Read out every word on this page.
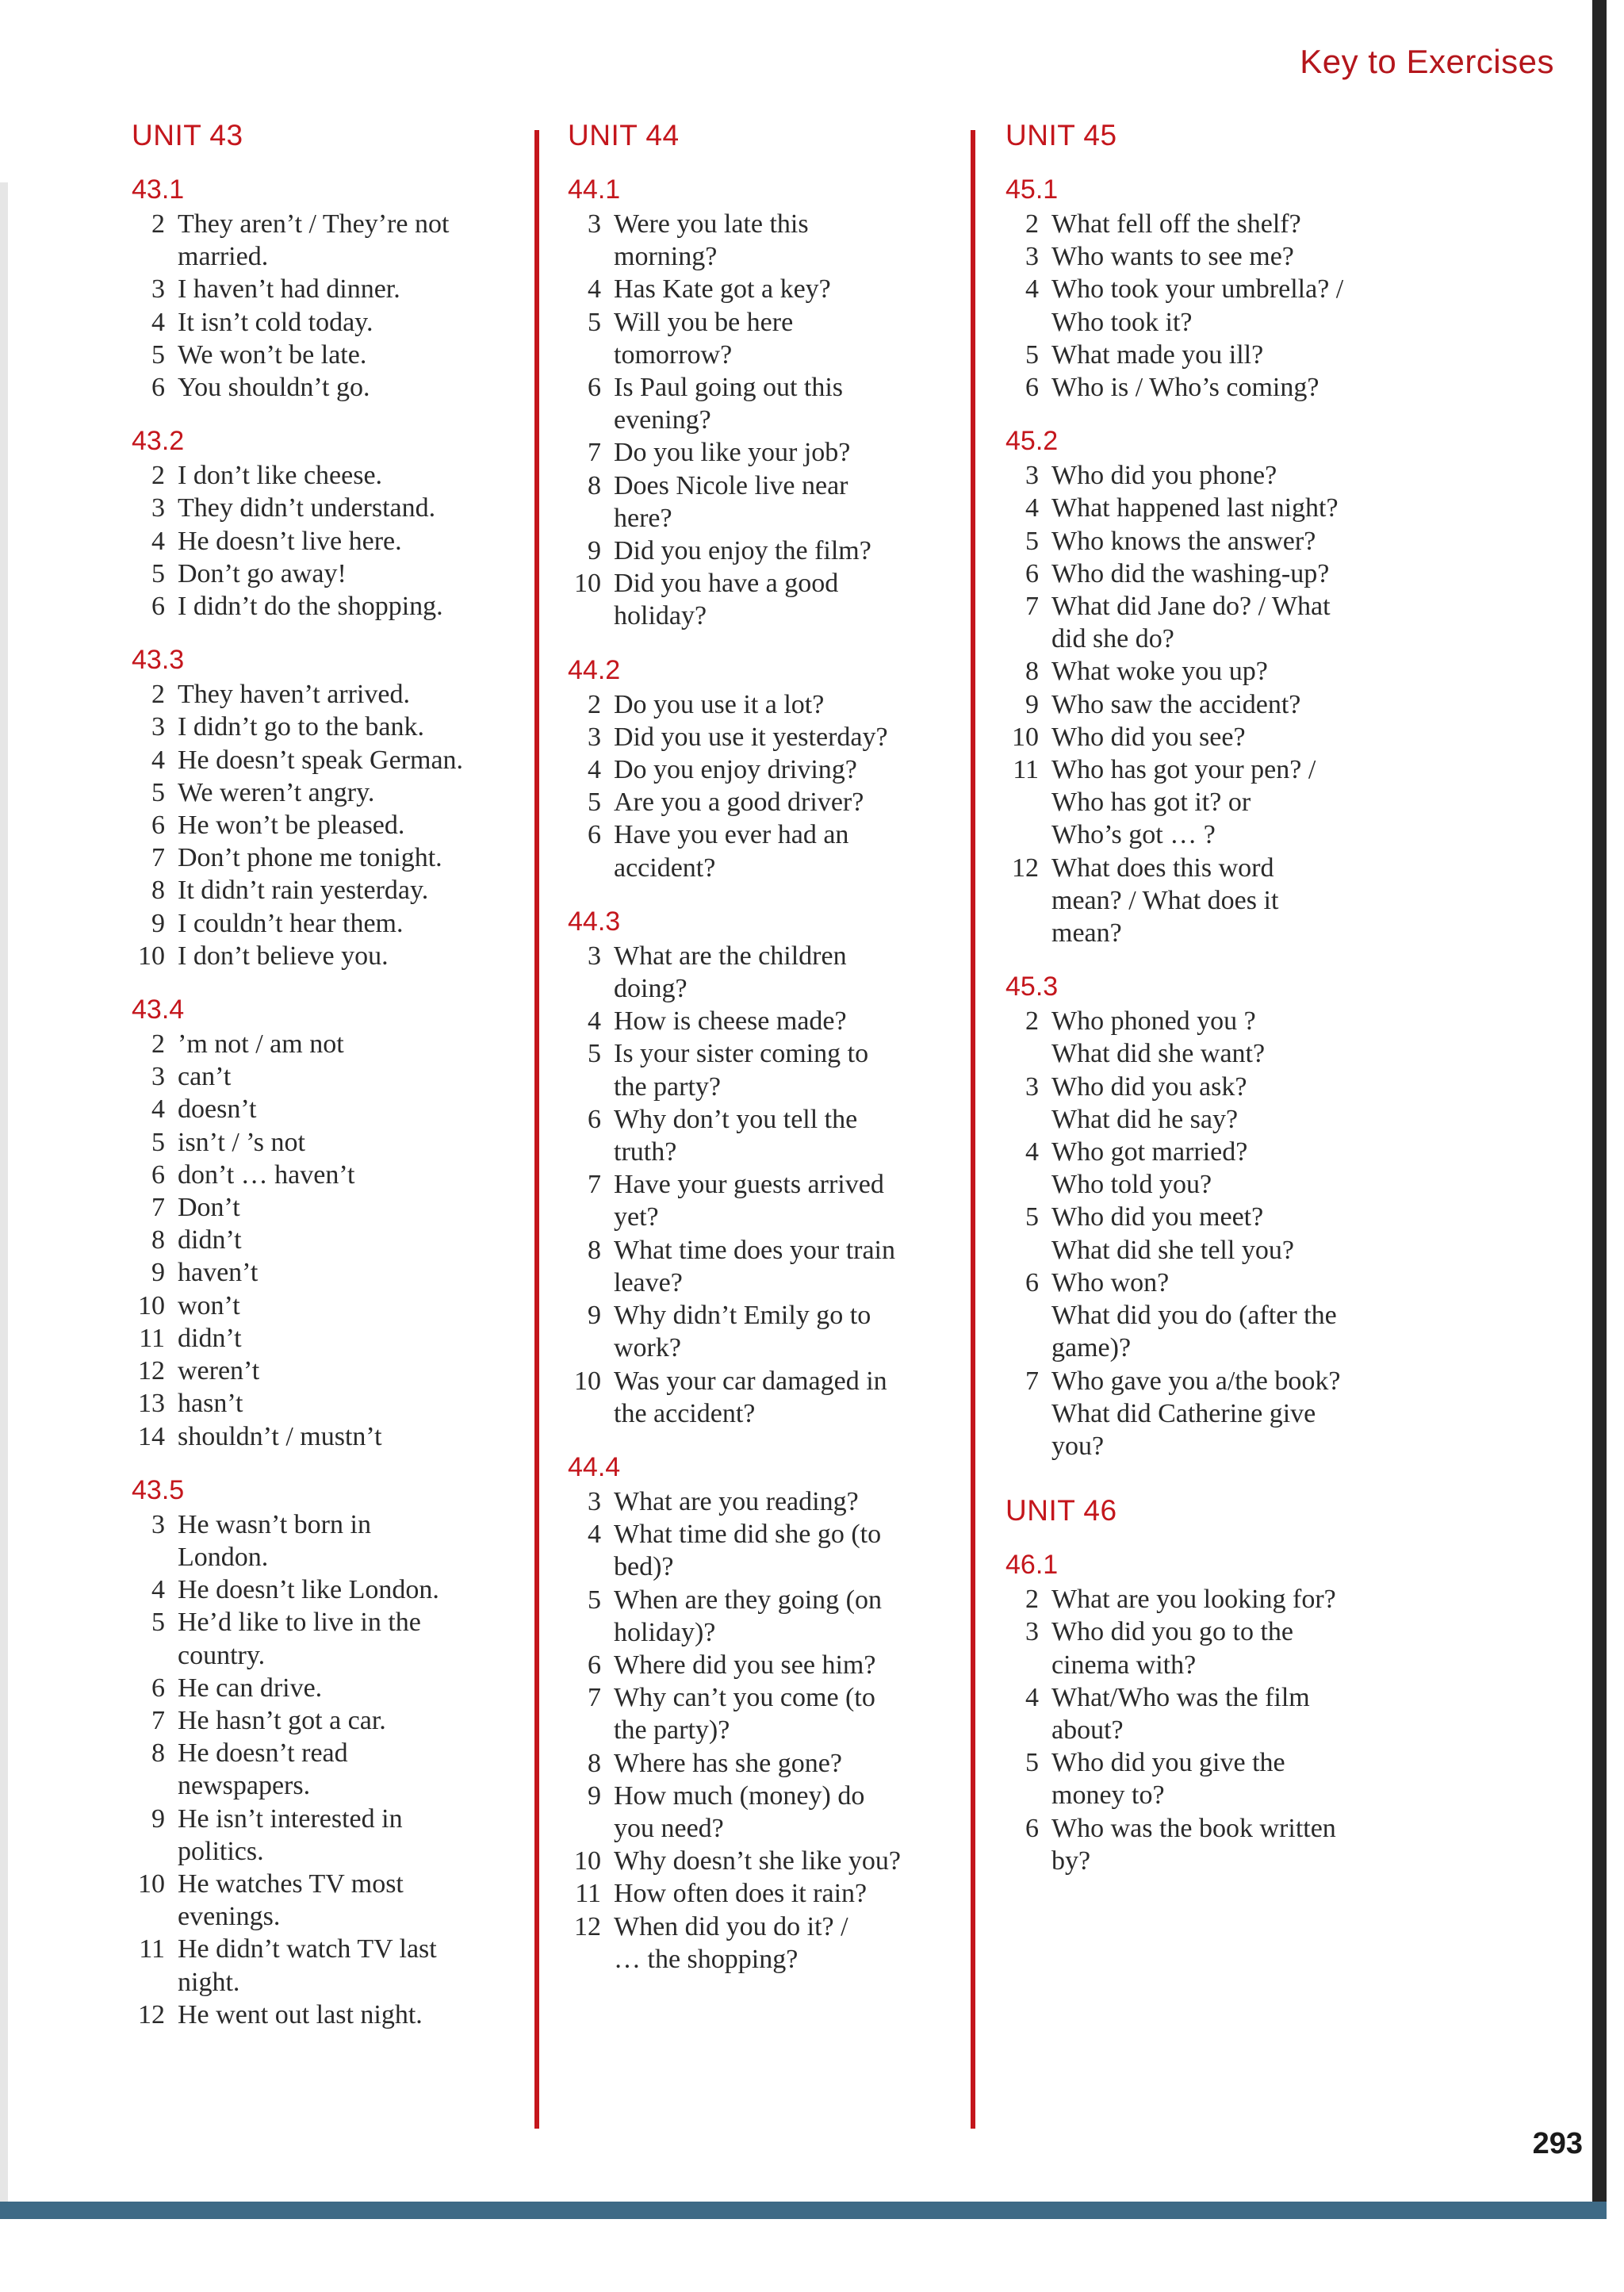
Key to Exercises
UNIT 43
43.1
2 They aren’t / They’re not
married.
3 I haven’t had dinner.
4 It isn’t cold today.
5 We won’t be late.
6 You shouldn’t go.
43.2
2 I don’t like cheese.
3 They didn’t understand.
4 He doesn’t live here.
5 Don’t go away!
6 I didn’t do the shopping.
43.3
2 They haven’t arrived.
3 I didn’t go to the bank.
4 He doesn’t speak German.
5 We weren’t angry.
6 He won’t be pleased.
7 Don’t phone me tonight.
8 It didn’t rain yesterday.
9 I couldn’t hear them.
10 I don’t believe you.
43.4
2 ’m not / am not
3 can’t
4 doesn’t
5 isn’t / ’s not
6 don’t … haven’t
7 Don’t
8 didn’t
9 haven’t
10 won’t
11 didn’t
12 weren’t
13 hasn’t
14 shouldn’t / mustn’t
43.5
3 He wasn’t born in
London.
4 He doesn’t like London.
5 He’d like to live in the
country.
6 He can drive.
7 He hasn’t got a car.
8 He doesn’t read
newspapers.
9 He isn’t interested in
politics.
10 He watches TV most
evenings.
11 He didn’t watch TV last
night.
12 He went out last night.
UNIT 44
44.1
3 Were you late this
morning?
4 Has Kate got a key?
5 Will you be here
tomorrow?
6 Is Paul going out this
evening?
7 Do you like your job?
8 Does Nicole live near
here?
9 Did you enjoy the film?
10 Did you have a good
holiday?
44.2
2 Do you use it a lot?
3 Did you use it yesterday?
4 Do you enjoy driving?
5 Are you a good driver?
6 Have you ever had an
accident?
44.3
3 What are the children
doing?
4 How is cheese made?
5 Is your sister coming to
the party?
6 Why don’t you tell the
truth?
7 Have your guests arrived
yet?
8 What time does your train
leave?
9 Why didn’t Emily go to
work?
10 Was your car damaged in
the accident?
44.4
3 What are you reading?
4 What time did she go (to
bed)?
5 When are they going (on
holiday)?
6 Where did you see him?
7 Why can’t you come (to
the party)?
8 Where has she gone?
9 How much (money) do
you need?
10 Why doesn’t she like you?
11 How often does it rain?
12 When did you do it? /
… the shopping?
UNIT 45
45.1
2 What fell off the shelf?
3 Who wants to see me?
4 Who took your umbrella? /
Who took it?
5 What made you ill?
6 Who is / Who’s coming?
45.2
3 Who did you phone?
4 What happened last night?
5 Who knows the answer?
6 Who did the washing-up?
7 What did Jane do? / What
did she do?
8 What woke you up?
9 Who saw the accident?
10 Who did you see?
11 Who has got your pen? /
Who has got it? or
Who’s got … ?
12 What does this word
mean? / What does it
mean?
45.3
2 Who phoned you ?
What did she want?
3 Who did you ask?
What did he say?
4 Who got married?
Who told you?
5 Who did you meet?
What did she tell you?
6 Who won?
What did you do (after the
game)?
7 Who gave you a/the book?
What did Catherine give
you?
UNIT 46
46.1
2 What are you looking for?
3 Who did you go to the
cinema with?
4 What/Who was the film
about?
5 Who did you give the
money to?
6 Who was the book written
by?
293
